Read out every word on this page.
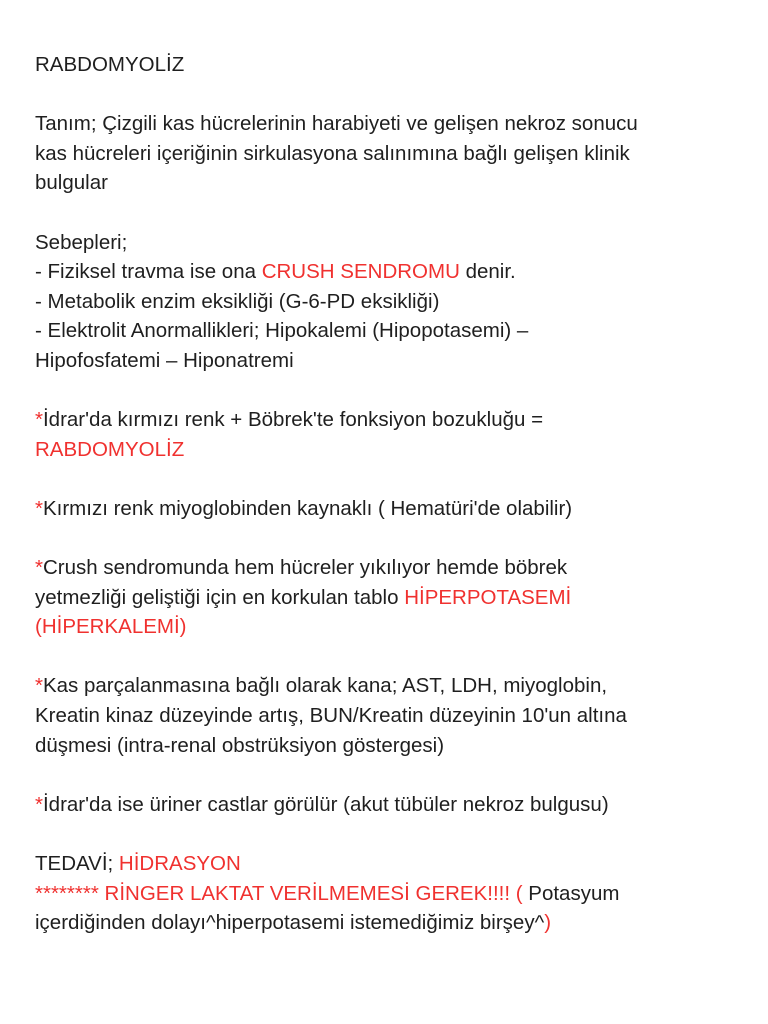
RABDOMYOLİZ
Tanım; Çizgili kas hücrelerinin harabiyeti ve gelişen nekroz sonucu
kas hücreleri içeriğinin sirkulasyona salınımına bağlı gelişen klinik
bulgular
Sebepleri;
- Fiziksel travma ise ona CRUSH SENDROMU denir.
- Metabolik enzim eksikliği (G-6-PD eksikliği)
- Elektrolit Anormallikleri; Hipokalemi (Hipopotasemi) –
Hipofosfatemi – Hiponatremi
*İdrar'da kırmızı renk + Böbrek'te fonksiyon bozukluğu =
RABDOMYOLİZ
*Kırmızı renk miyoglobinden kaynaklı ( Hematüri'de olabilir)
*Crush sendromunda hem hücreler yıkılıyor hemde böbrek
yetmezliği geliştiği için en korkulan tablo HİPERPOTASEMİ
(HİPERKALEMİ)
*Kas parçalanmasına bağlı olarak kana; AST, LDH, miyoglobin,
Kreatin kinaz düzeyinde artış, BUN/Kreatin düzeyinin 10'un altına
düşmesi (intra-renal obstrüksiyon göstergesi)
*İdrar'da ise üriner castlar görülür (akut tübüler nekroz bulgusu)
TEDAVİ; HİDRASYON
******** RİNGER LAKTAT VERİLMEMESİ GEREK!!!! ( Potasyum
içerdiğinden dolayı^hiperpotasemi istemediğimiz birşey^)
